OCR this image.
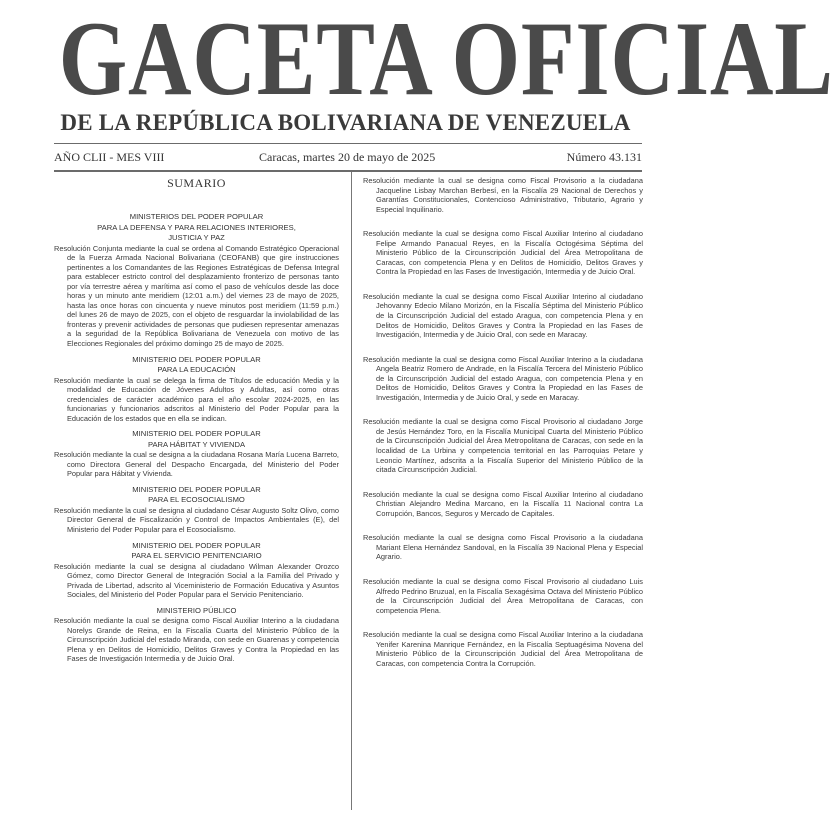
GACETA OFICIAL
DE LA REPÚBLICA BOLIVARIANA DE VENEZUELA
AÑO CLII - MES VIII	Caracas, martes 20 de mayo de 2025	Número 43.131
SUMARIO
MINISTERIOS DEL PODER POPULAR
PARA LA DEFENSA Y PARA RELACIONES INTERIORES,
JUSTICIA Y PAZ
Resolución Conjunta mediante la cual se ordena al Comando Estratégico Operacional de la Fuerza Armada Nacional Bolivariana (CEOFANB) que gire instrucciones pertinentes a los Comandantes de las Regiones Estratégicas de Defensa Integral para establecer estricto control del desplazamiento fronterizo de personas tanto por vía terrestre aérea y marítima así como el paso de vehículos desde las doce horas y un minuto ante meridiem (12:01 a.m.) del viernes 23 de mayo de 2025, hasta las once horas con cincuenta y nueve minutos post meridiem (11:59 p.m.) del lunes 26 de mayo de 2025, con el objeto de resguardar la inviolabilidad de las fronteras y prevenir actividades de personas que pudiesen representar amenazas a la seguridad de la República Bolivariana de Venezuela con motivo de las Elecciones Regionales del próximo domingo 25 de mayo de 2025.
MINISTERIO DEL PODER POPULAR
PARA LA EDUCACIÓN
Resolución mediante la cual se delega la firma de Títulos de educación Media y la modalidad de Educación de Jóvenes Adultos y Adultas, así como otras credenciales de carácter académico para el año escolar 2024-2025, en las funcionarias y funcionarios adscritos al Ministerio del Poder Popular para la Educación de los estados que en ella se indican.
MINISTERIO DEL PODER POPULAR
PARA HÁBITAT Y VIVIENDA
Resolución mediante la cual se designa a la ciudadana Rosana María Lucena Barreto, como Directora General del Despacho Encargada, del Ministerio del Poder Popular para Hábitat y Vivienda.
MINISTERIO DEL PODER POPULAR
PARA EL ECOSOCIALISMO
Resolución mediante la cual se designa al ciudadano César Augusto Soltz Olivo, como Director General de Fiscalización y Control de Impactos Ambientales (E), del Ministerio del Poder Popular para el Ecosocialismo.
MINISTERIO DEL PODER POPULAR
PARA EL SERVICIO PENITENCIARIO
Resolución mediante la cual se designa al ciudadano Wilman Alexander Orozco Gómez, como Director General de Integración Social a la Familia del Privado y Privada de Libertad, adscrito al Viceministerio de Formación Educativa y Asuntos Sociales, del Ministerio del Poder Popular para el Servicio Penitenciario.
MINISTERIO PÚBLICO
Resolución mediante la cual se designa como Fiscal Auxiliar Interino a la ciudadana Norelys Grande de Reina, en la Fiscalía Cuarta del Ministerio Público de la Circunscripción Judicial del estado Miranda, con sede en Guarenas y competencia Plena y en Delitos de Homicidio, Delitos Graves y Contra la Propiedad en las Fases de Investigación Intermedia y de Juicio Oral.
Resolución mediante la cual se designa como Fiscal Provisorio a la ciudadana Jacqueline Lisbay Marchan Berbesí, en la Fiscalía 29 Nacional de Derechos y Garantías Constitucionales, Contencioso Administrativo, Tributario, Agrario y Especial Inquilinario.
Resolución mediante la cual se designa como Fiscal Auxiliar Interino al ciudadano Felipe Armando Panacual Reyes, en la Fiscalía Octogésima Séptima del Ministerio Público de la Circunscripción Judicial del Área Metropolitana de Caracas, con competencia Plena y en Delitos de Homicidio, Delitos Graves y Contra la Propiedad en las Fases de Investigación, Intermedia y de Juicio Oral.
Resolución mediante la cual se designa como Fiscal Auxiliar Interino al ciudadano Jehovanny Edecio Milano Morizón, en la Fiscalía Séptima del Ministerio Público de la Circunscripción Judicial del estado Aragua, con competencia Plena y en Delitos de Homicidio, Delitos Graves y Contra la Propiedad en las Fases de Investigación, Intermedia y de Juicio Oral, con sede en Maracay.
Resolución mediante la cual se designa como Fiscal Auxiliar Interino a la ciudadana Angela Beatriz Romero de Andrade, en la Fiscalía Tercera del Ministerio Público de la Circunscripción Judicial del estado Aragua, con competencia Plena y en Delitos de Homicidio, Delitos Graves y Contra la Propiedad en las Fases de Investigación, Intermedia y de Juicio Oral, y sede en Maracay.
Resolución mediante la cual se designa como Fiscal Provisorio al ciudadano Jorge de Jesús Hernández Toro, en la Fiscalía Municipal Cuarta del Ministerio Público de la Circunscripción Judicial del Área Metropolitana de Caracas, con sede en la localidad de La Urbina y competencia territorial en las Parroquias Petare y Leoncio Martínez, adscrita a la Fiscalía Superior del Ministerio Público de la citada Circunscripción Judicial.
Resolución mediante la cual se designa como Fiscal Auxiliar Interino al ciudadano Christian Alejandro Medina Marcano, en la Fiscalía 11 Nacional contra La Corrupción, Bancos, Seguros y Mercado de Capitales.
Resolución mediante la cual se designa como Fiscal Provisorio a la ciudadana Mariant Elena Hernández Sandoval, en la Fiscalía 39 Nacional Plena y Especial Agrario.
Resolución mediante la cual se designa como Fiscal Provisorio al ciudadano Luis Alfredo Pedrino Bruzual, en la Fiscalía Sexagésima Octava del Ministerio Público de la Circunscripción Judicial del Área Metropolitana de Caracas, con competencia Plena.
Resolución mediante la cual se designa como Fiscal Auxiliar Interino a la ciudadana Yenifer Karenina Manrique Fernández, en la Fiscalía Septuagésima Novena del Ministerio Público de la Circunscripción Judicial del Área Metropolitana de Caracas, con competencia Contra la Corrupción.
